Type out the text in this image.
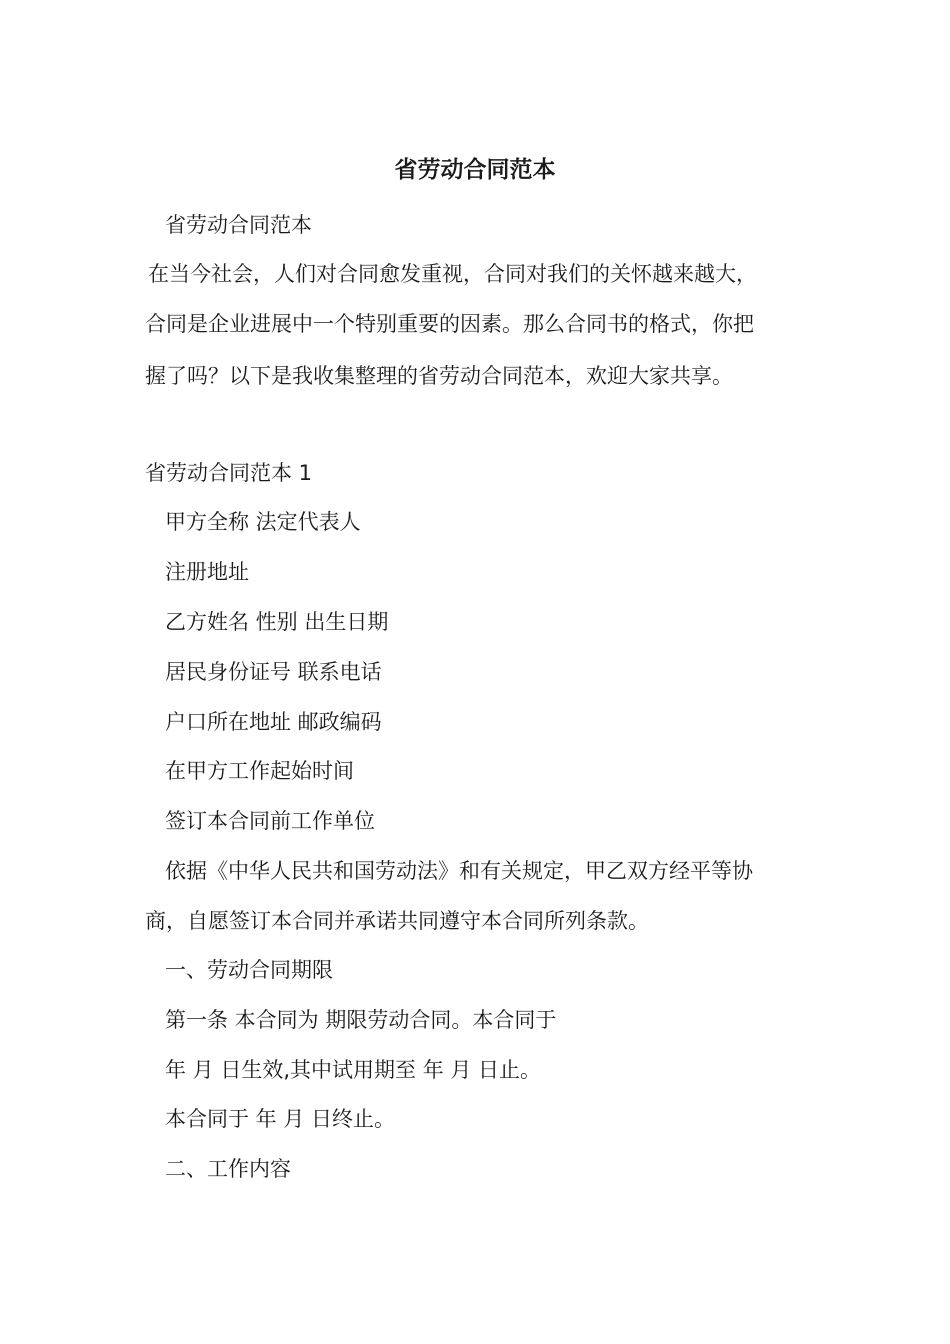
省劳动合同范本

省劳动合同范本

在当今社会，人们对合同愈发重视，合同对我们的关怀越来越大，

合同是企业进展中一个特别重要的因素。那么合同书的格式，你把

握了吗？以下是我收集整理的省劳动合同范本，欢迎大家共享。

省劳动合同范本 1

甲方全称 法定代表人

注册地址

乙方姓名 性别 出生日期

居民身份证号 联系电话

户口所在地址 邮政编码

在甲方工作起始时间

签订本合同前工作单位

依据《中华人民共和国劳动法》和有关规定，甲乙双方经平等协

商，自愿签订本合同并承诺共同遵守本合同所列条款。

一、劳动合同期限

第一条 本合同为 期限劳动合同。本合同于

年 月 日生效,其中试用期至 年 月 日止。

本合同于 年 月 日终止。

二、工作内容
